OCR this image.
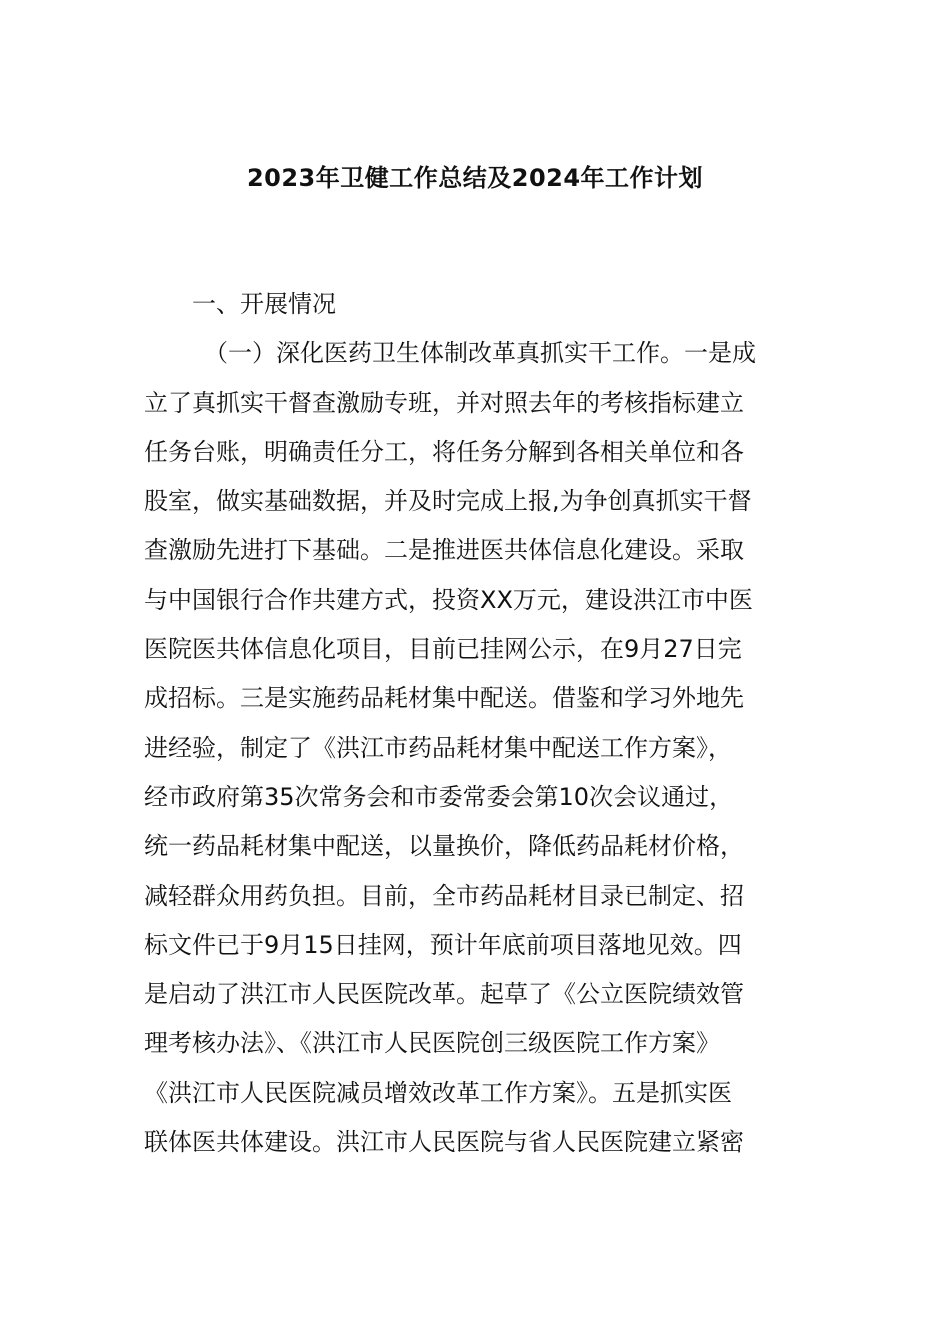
2023年卫健工作总结及2024年工作计划

一、开展情况

（一）深化医药卫生体制改革真抓实干工作。一是成

立了真抓实干督查激励专班，并对照去年的考核指标建立

任务台账，明确责任分工，将任务分解到各相关单位和各

股室，做实基础数据，并及时完成上报,为争创真抓实干督

查激励先进打下基础。二是推进医共体信息化建设。采取

与中国银行合作共建方式，投资XX万元，建设洪江市中医

医院医共体信息化项目，目前已挂网公示，在9月27日完

成招标。三是实施药品耗材集中配送。借鉴和学习外地先

进经验，制定了《洪江市药品耗材集中配送工作方案》，

经市政府第35次常务会和市委常委会第10次会议通过，

统一药品耗材集中配送，以量换价，降低药品耗材价格，

减轻群众用药负担。目前，全市药品耗材目录已制定、招

标文件已于9月15日挂网，预计年底前项目落地见效。四

是启动了洪江市人民医院改革。起草了《公立医院绩效管

理考核办法》、《洪江市人民医院创三级医院工作方案》

《洪江市人民医院减员增效改革工作方案》。五是抓实医

联体医共体建设。洪江市人民医院与省人民医院建立紧密
